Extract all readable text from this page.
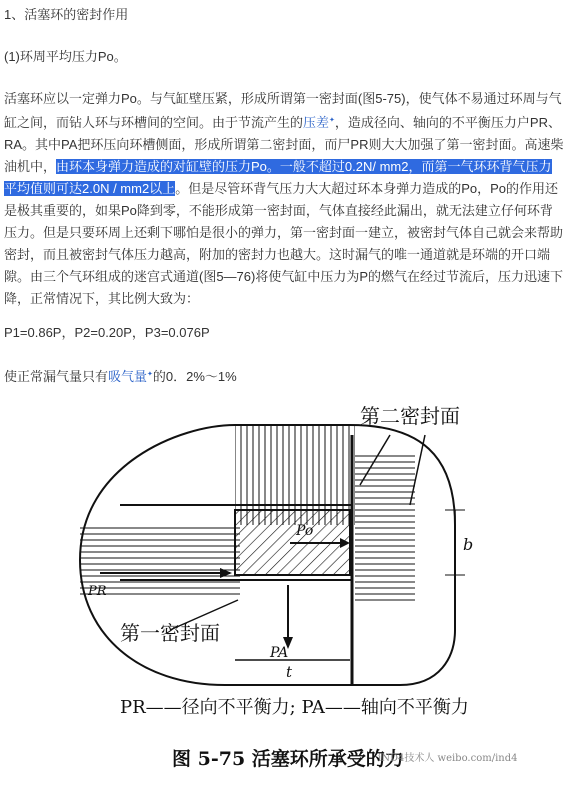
1、活塞环的密封作用
(1)环周平均压力Po。
活塞环应以一定弹力Po。与气缸壁压紧，形成所谓第一密封面(图5-75)，使气体不易通过环周与气缸之间，而钻人环与环槽间的空间。由于节流产生的压差✦，造成径向、轴向的不平衡压力户PR、RA。其中PA把环压向环槽侧面，形成所谓第二密封面，而尸PR则大大加强了第一密封面。高速柴油机中，由环本身弹力造成的对缸壁的压力Po。一般不超过0.2N/ mm2，而第一气环环背气压力平均值则可达2.0N / mm2以上。但是尽管环背气压力大大超过环本身弹力造成的Po，Po的作用还是极其重要的，如果Po降到零，不能形成第一密封面，气体直接经此漏出，就无法建立仔何环背压力。但是只要环周上还剩下哪怕是很小的弹力，第一密封面一建立，被密封气体自己就会来帮助密封，而且被密封气体压力越高，附加的密封力也越大。这时漏气的唯一通道就是环端的开口端隙。由三个气环组成的迷宫式通道(图5—76)将使气缸中压力为P的燃气在经过节流后，压力迅速下降，正常情况下，其比例大致为：
P1=0.86P，P2=0.20P，P3=0.076P
使正常漏气量只有吸气量✦的0．2%～1%
第二密封面
第一密封面
b
t
Po
PR
PA
PR——径向不平衡力; PA——轴向不平衡力
图 5-75 活塞环所承受的力
iND4技术人 weibo.com/ind4
